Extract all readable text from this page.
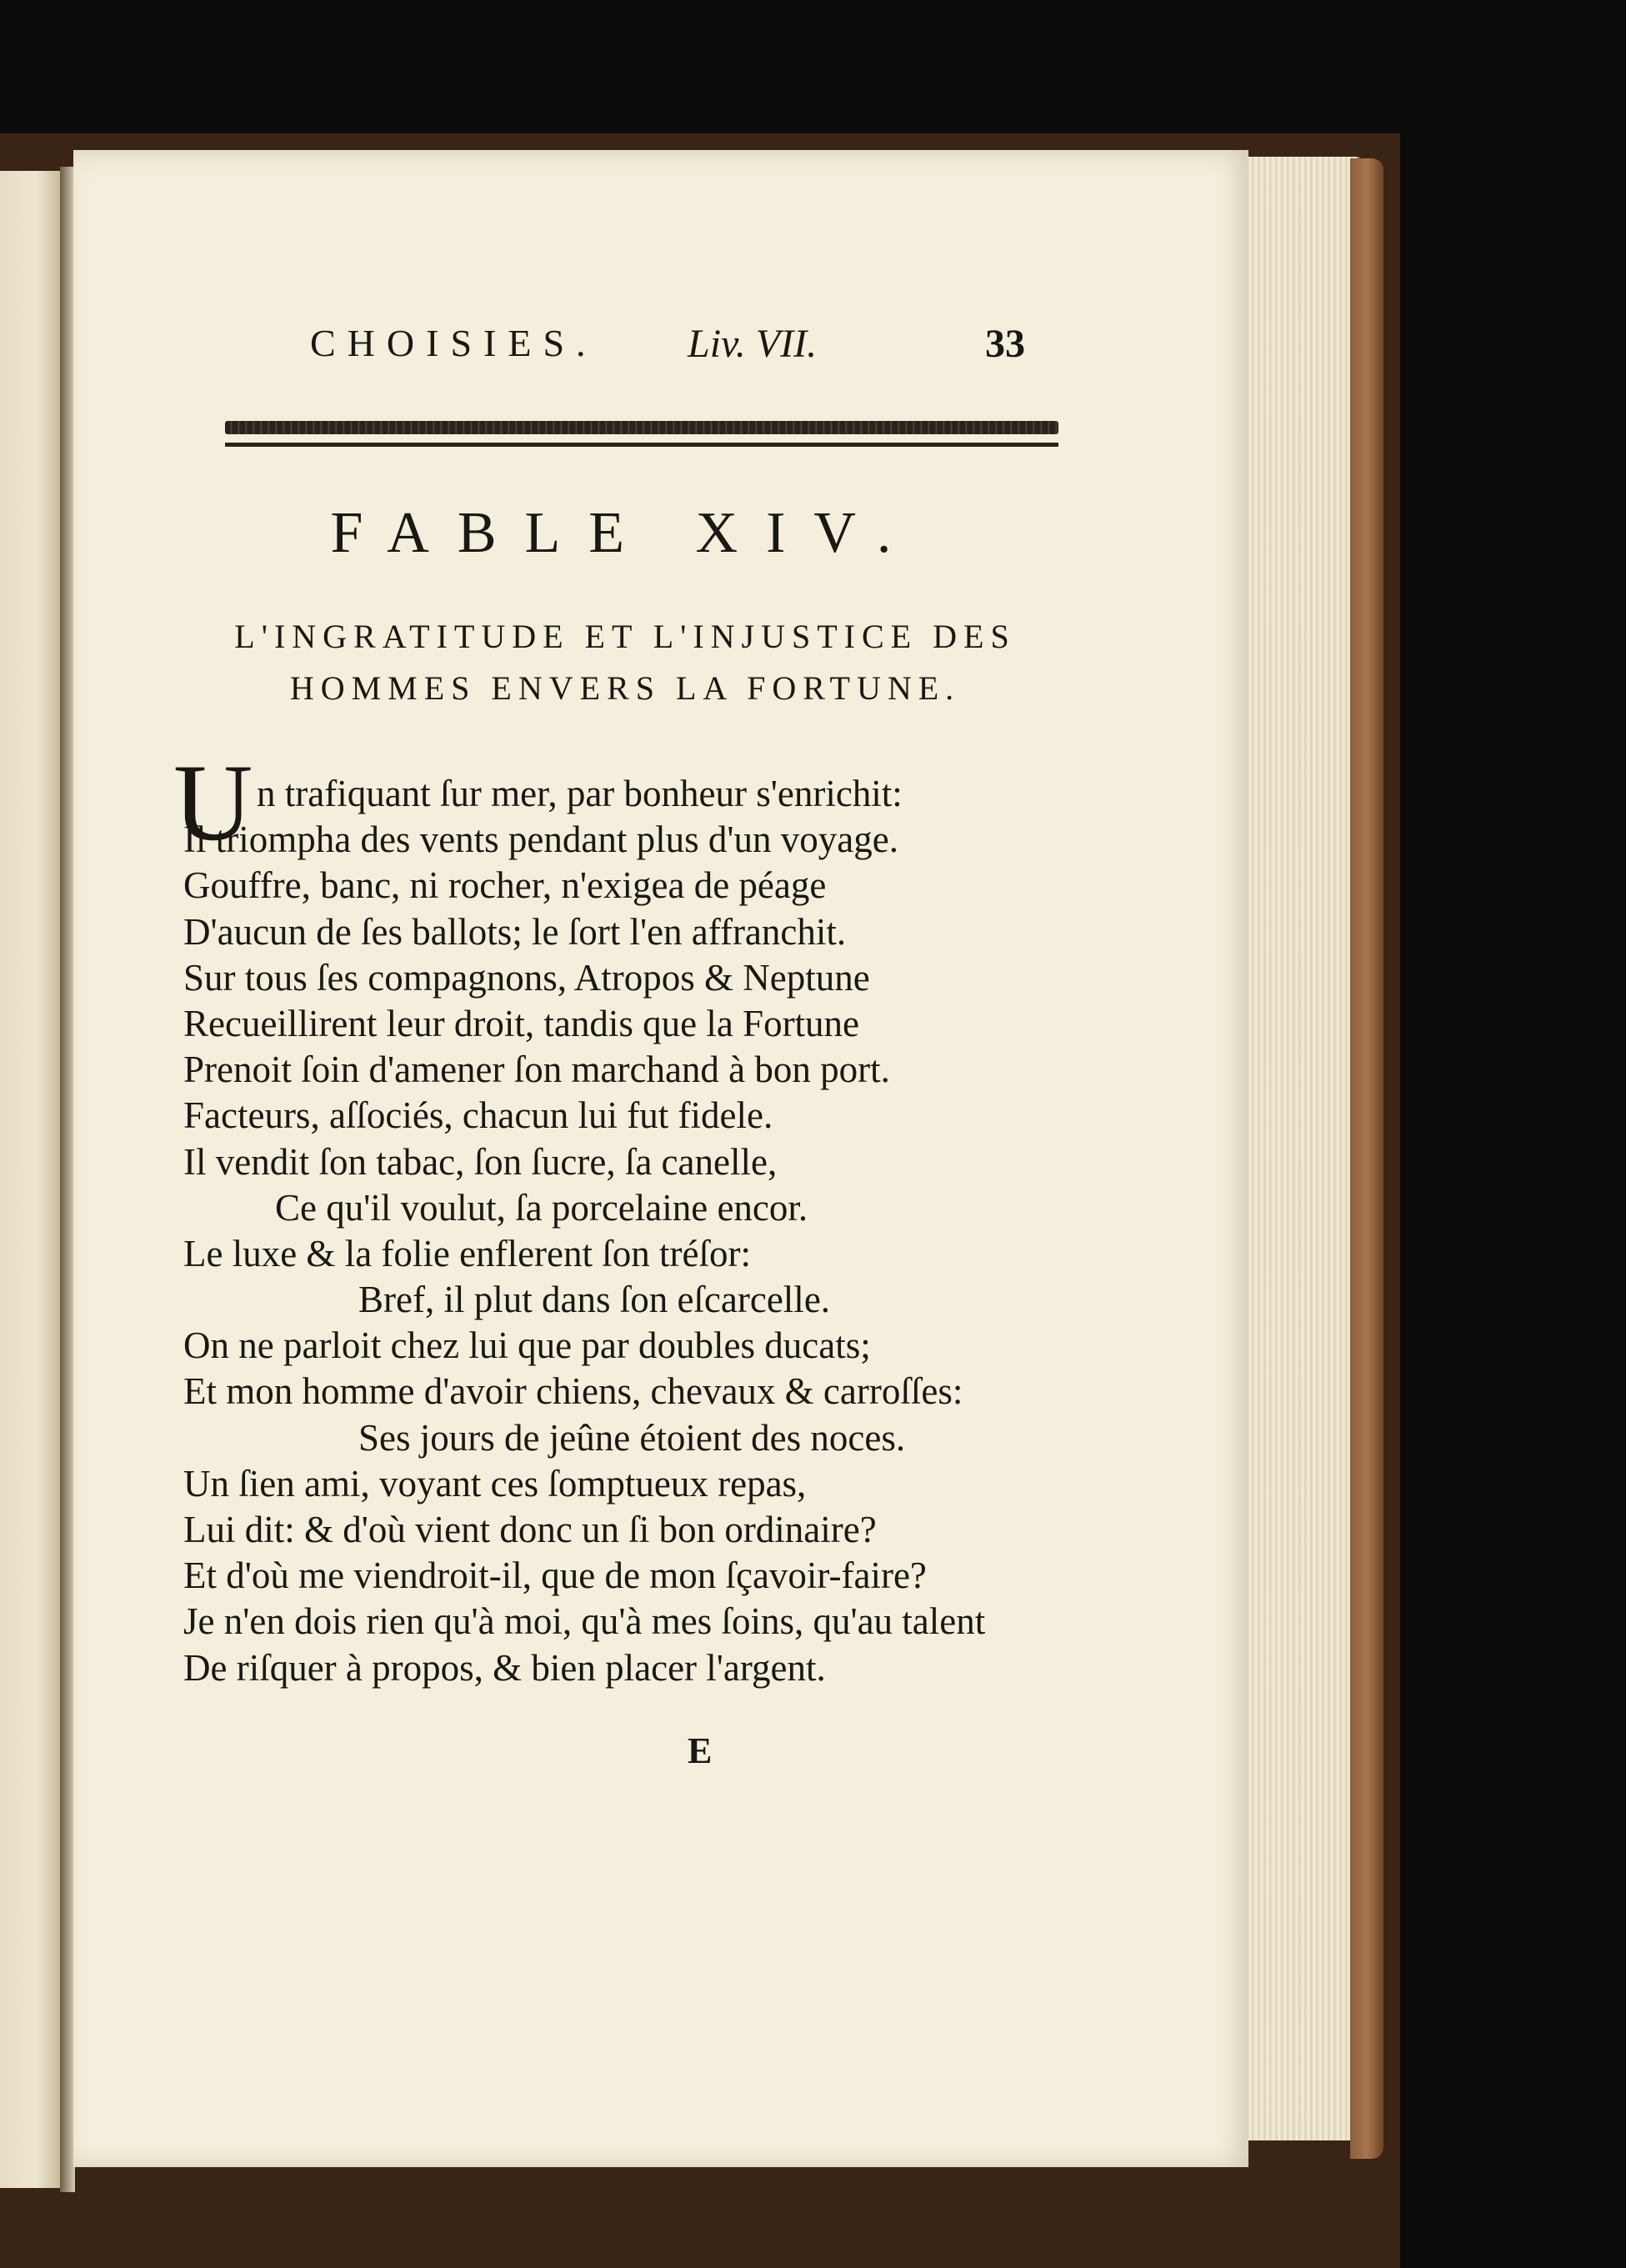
CHOISIES. Liv. VII.	33
FABLE XIV.
L'INGRATITUDE ET L'INJUSTICE DES
HOMMES ENVERS LA FORTUNE.
U n trafiquant ſur mer, par bonheur s'enrichit:
Il triompha des vents pendant plus d'un voyage.
Gouffre, banc, ni rocher, n'exigea de péage
D'aucun de ſes ballots; le ſort l'en affranchit.
Sur tous ſes compagnons, Atropos & Neptune
Recueillirent leur droit, tandis que la Fortune
Prenoit ſoin d'amener ſon marchand à bon port.
Facteurs, aſſociés, chacun lui fut fidele.
Il vendit ſon tabac, ſon ſucre, ſa canelle,
Ce qu'il voulut, ſa porcelaine encor.
Le luxe & la folie enflerent ſon tréſor:
Bref, il plut dans ſon eſcarcelle.
On ne parloit chez lui que par doubles ducats;
Et mon homme d'avoir chiens, chevaux & carroſſes:
Ses jours de jeûne étoient des noces.
Un ſien ami, voyant ces ſomptueux repas,
Lui dit: & d'où vient donc un ſi bon ordinaire?
Et d'où me viendroit-il, que de mon ſçavoir-faire?
Je n'en dois rien qu'à moi, qu'à mes ſoins, qu'au talent
De riſquer à propos, & bien placer l'argent.
E
